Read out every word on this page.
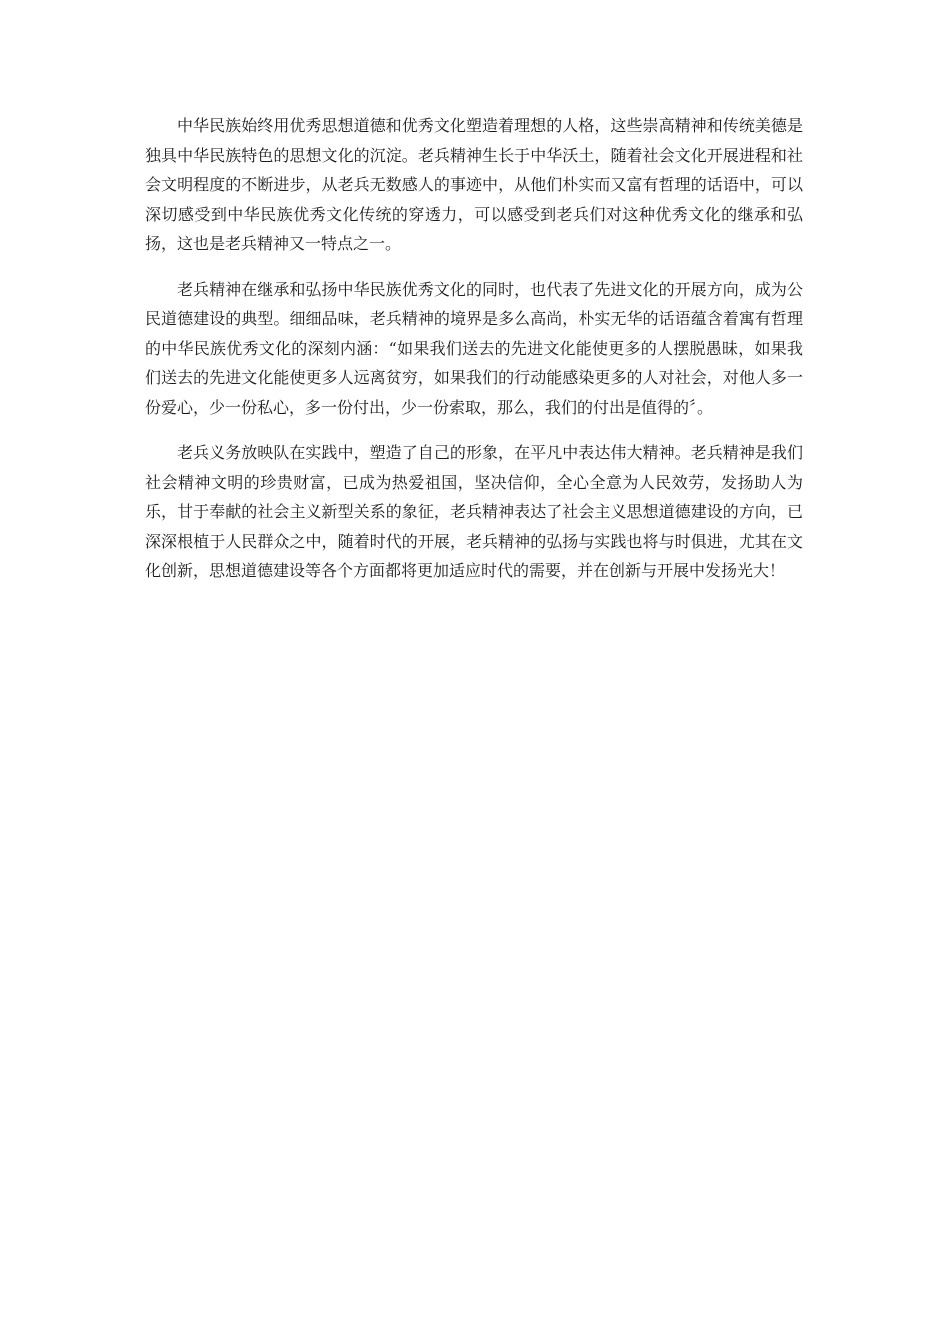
中华民族始终用优秀思想道德和优秀文化塑造着理想的人格，这些崇高精神和传统美德是独具中华民族特色的思想文化的沉淀。老兵精神生长于中华沃土，随着社会文化开展进程和社会文明程度的不断进步，从老兵无数感人的事迹中，从他们朴实而又富有哲理的话语中，可以深切感受到中华民族优秀文化传统的穿透力，可以感受到老兵们对这种优秀文化的继承和弘扬，这也是老兵精神又一特点之一。

老兵精神在继承和弘扬中华民族优秀文化的同时，也代表了先进文化的开展方向，成为公民道德建设的典型。细细品味，老兵精神的境界是多么高尚，朴实无华的话语蕴含着寓有哲理的中华民族优秀文化的深刻内涵：“如果我们送去的先进文化能使更多的人摆脱愚昧，如果我们送去的先进文化能使更多人远离贫穷，如果我们的行动能感染更多的人对社会，对他人多一份爱心，少一份私心，多一份付出，少一份索取，那么，我们的付出是值得的〞。

老兵义务放映队在实践中，塑造了自己的形象，在平凡中表达伟大精神。老兵精神是我们社会精神文明的珍贵财富，已成为热爱祖国，坚决信仰，全心全意为人民效劳，发扬助人为乐，甘于奉献的社会主义新型关系的象征，老兵精神表达了社会主义思想道德建设的方向，已深深根植于人民群众之中，随着时代的开展，老兵精神的弘扬与实践也将与时俱进，尤其在文化创新，思想道德建设等各个方面都将更加适应时代的需要，并在创新与开展中发扬光大！
